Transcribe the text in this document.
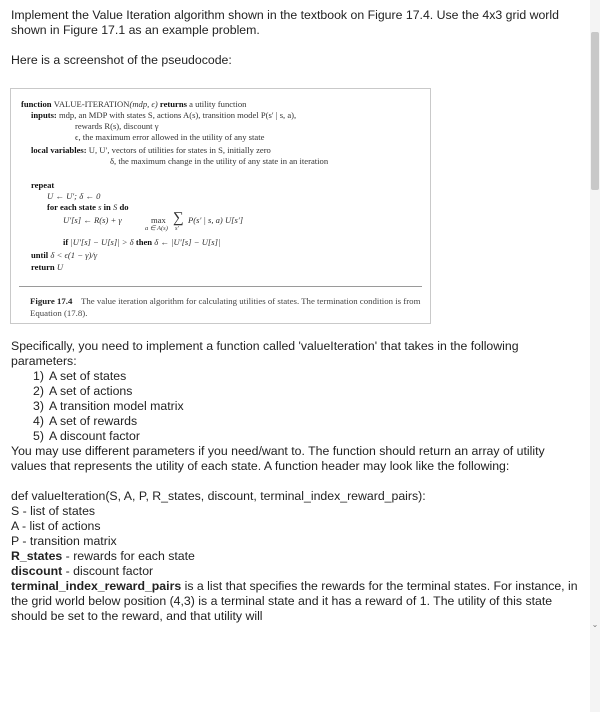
Implement the Value Iteration algorithm shown in the textbook on Figure 17.4. Use the 4x3 grid world shown in Figure 17.1 as an example problem.

Here is a screenshot of the pseudocode:

function VALUE-ITERATION(mdp, ϵ) returns a utility function
inputs: mdp, an MDP with states S, actions A(s), transition model P(s′ | s, a),
rewards R(s), discount γ
ϵ, the maximum error allowed in the utility of any state
local variables: U, U′, vectors of utilities for states in S, initially zero
δ, the maximum change in the utility of any state in an iteration
repeat
U ← U′; δ ← 0
for each state s in S do
U′[s] ← R(s) + γ	max
a ∈ A(s)
∑
s′
P(s′ | s, a) U[s′]
if |U′[s] − U[s]| > δ then δ ← |U′[s] − U[s]|
until δ < ϵ(1 − γ)/γ
return U
Figure 17.4 The value iteration algorithm for calculating utilities of states. The termination condition is from Equation (17.8).

Specifically, you need to implement a function called 'valueIteration' that takes in the following parameters:

1) A set of states
2) A set of actions
3) A transition model matrix
4) A set of rewards
5) A discount factor

You may use different parameters if you need/want to. The function should return an array of utility values that represents the utility of each state. A function header may look like the following:

def valueIteration(S, A, P, R_states, discount, terminal_index_reward_pairs):

S - list of states

A - list of actions

P - transition matrix

R_states - rewards for each state

discount - discount factor

terminal_index_reward_pairs is a list that specifies the rewards for the terminal states. For instance, in the grid world below position (4,3) is a terminal state and it has a reward of 1. The utility of this state should be set to the reward, and that utility will

⌄
